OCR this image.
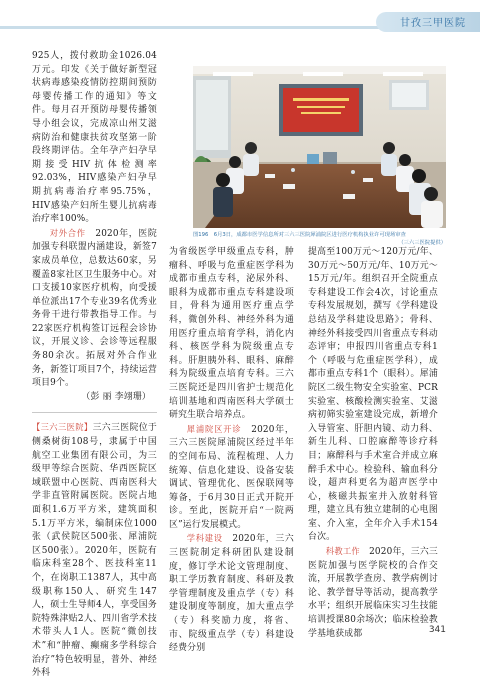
甘孜三甲医院

925人，拨付救助金1026.04万元。印发《关于做好新型冠状病毒感染疫情防控期间预防母婴传播工作的通知》等文件。每月召开预防母婴传播领导小组会议，完成凉山州艾滋病防治和健康扶贫攻坚第一阶段终期评估。全年孕产妇孕早期接受HIV抗体检测率92.03%，HIV感染产妇孕早期抗病毒治疗率95.75%，HIV感染产妇所生婴儿抗病毒治疗率100%。

对外合作　 2020年，医院加强专科联盟内涵建设，新签7家成员单位，总数达60家，另覆盖8家社区卫生服务中心。对口支援10家医疗机构，向受援单位派出17个专业39名优秀业务骨干进行带教指导工作。与22家医疗机构签订远程会诊协议，开展义诊、会诊等远程服务80余次。拓展对外合作业务，新签订项目7个，持续运营项目9个。

（彭 丽 李翊珊）

【三六三医院】三六三医院位于侧桑树街108号，隶属于中国航空工业集团有限公司，为三级甲等综合医院、华西医院区域联盟中心医院、西南医科大学非直管附属医院。医院占地面积1.6万平方米，建筑面积5.1万平方米，编制床位1000张（武侯院区500张、犀浦院区500张）。2020年，医院有临床科室28个、医技科室11个，在岗职工1387人，其中高级职称150人、研究生147人，硕士生导师4人，享受国务院特殊津贴2人、四川省学术技术带头人1人。医院“微创技术”和“肿瘤、癫痫多学科综合治疗”特色较明显，普外、神经外科

图196　6月3日，成都市医学信息所对三六三医院犀浦院区进行医疗机构执业许可现场审查
（三六三医院提供）

为省级医学甲级重点专科，肿瘤科、呼吸与危重症医学科为成都市重点专科，泌尿外科、眼科为成都市重点专科建设项目，骨科为通用医疗重点学科，微创外科、神经外科为通用医疗重点培育学科，消化内科、核医学科为院级重点专科。肝胆胰外科、眼科、麻醉科为院级重点培育专科。三六三医院还是四川省护士规范化培训基地和西南医科大学硕士研究生联合培养点。

犀浦院区开诊　 2020年，三六三医院犀浦院区经过半年的空间布局、流程梳理、人力统筹、信息化建设、设备安装调试、管理优化、医保联网等筹备，于6月30日正式开院开诊。至此，医院开启“一院两区”运行发展模式。

学科建设　 2020年，三六三医院制定科研团队建设制度，修订学术论文管理制度、职工学历教育制度、科研及教学管理制度及重点学（专）科建设制度等制度，加大重点学（专）科奖励力度，将省、市、院级重点学（专）科建设经费分别

提高至100万元～120万元/年、30万元～50万元/年、10万元～15万元/年。组织召开全院重点专科建设工作会4次，讨论重点专科发展规划，撰写《学科建设总结及学科建设思路》；骨科、神经外科接受四川省重点专科动态评审；申报四川省重点专科1个（呼吸与危重症医学科），成都市重点专科1个（眼科）。犀浦院区二级生物安全实验室、PCR实验室、核酸检测实验室、艾滋病初筛实验室建设完成，新增介入导管室、肝胆内镜、动力科、新生儿科、口腔麻醉等诊疗科目；麻醉科与手术室合并成立麻醉手术中心。检验科、输血科分设，超声科更名为超声医学中心，核磁共振室并入放射科管理，建立具有独立建制的心电图室、介入室，全年介入手术154台次。

科教工作　 2020年，三六三医院加强与医学院校的合作交流，开展教学查房、教学病例讨论、教学督导等活动，提高教学水平；组织开展临床实习生技能培训授课80余场次；临床检验教学基地获成都	341
